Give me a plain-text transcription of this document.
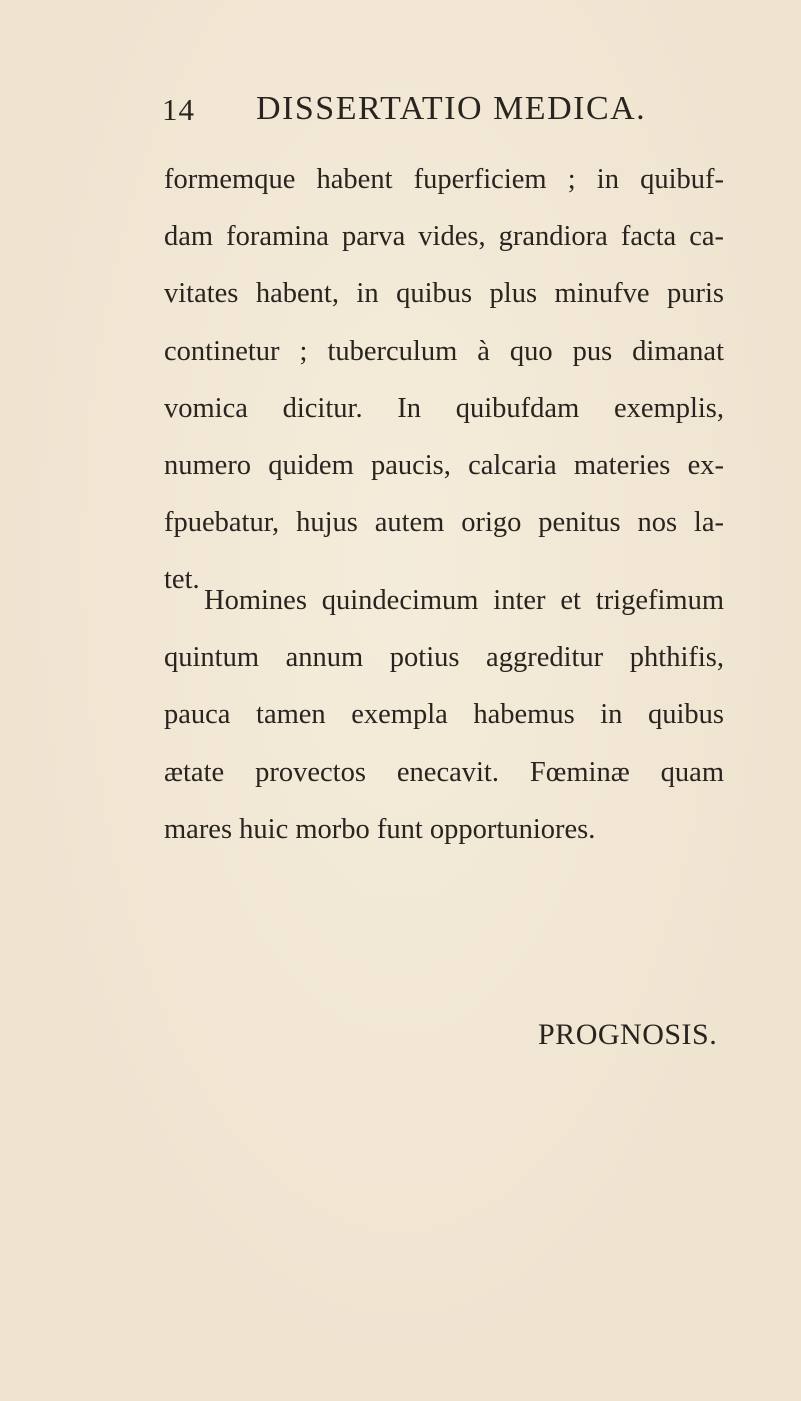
14 DISSERTATIO MEDICA.
formemque habent fuperficiem ; in quibuf-
dam foramina parva vides, grandiora facta ca-
vitates habent, in quibus plus minufve puris
continetur ; tuberculum à quo pus dimanat
vomica dicitur. In quibufdam exemplis,
numero quidem paucis, calcaria materies ex-
fpuebatur, hujus autem origo penitus nos la-
tet.
Homines quindecimum inter et trigefimum
quintum annum potius aggreditur phthifis,
pauca tamen exempla habemus in quibus
ætate provectos enecavit. Fœminæ quam
mares huic morbo funt opportuniores.
PROGNOSIS.
